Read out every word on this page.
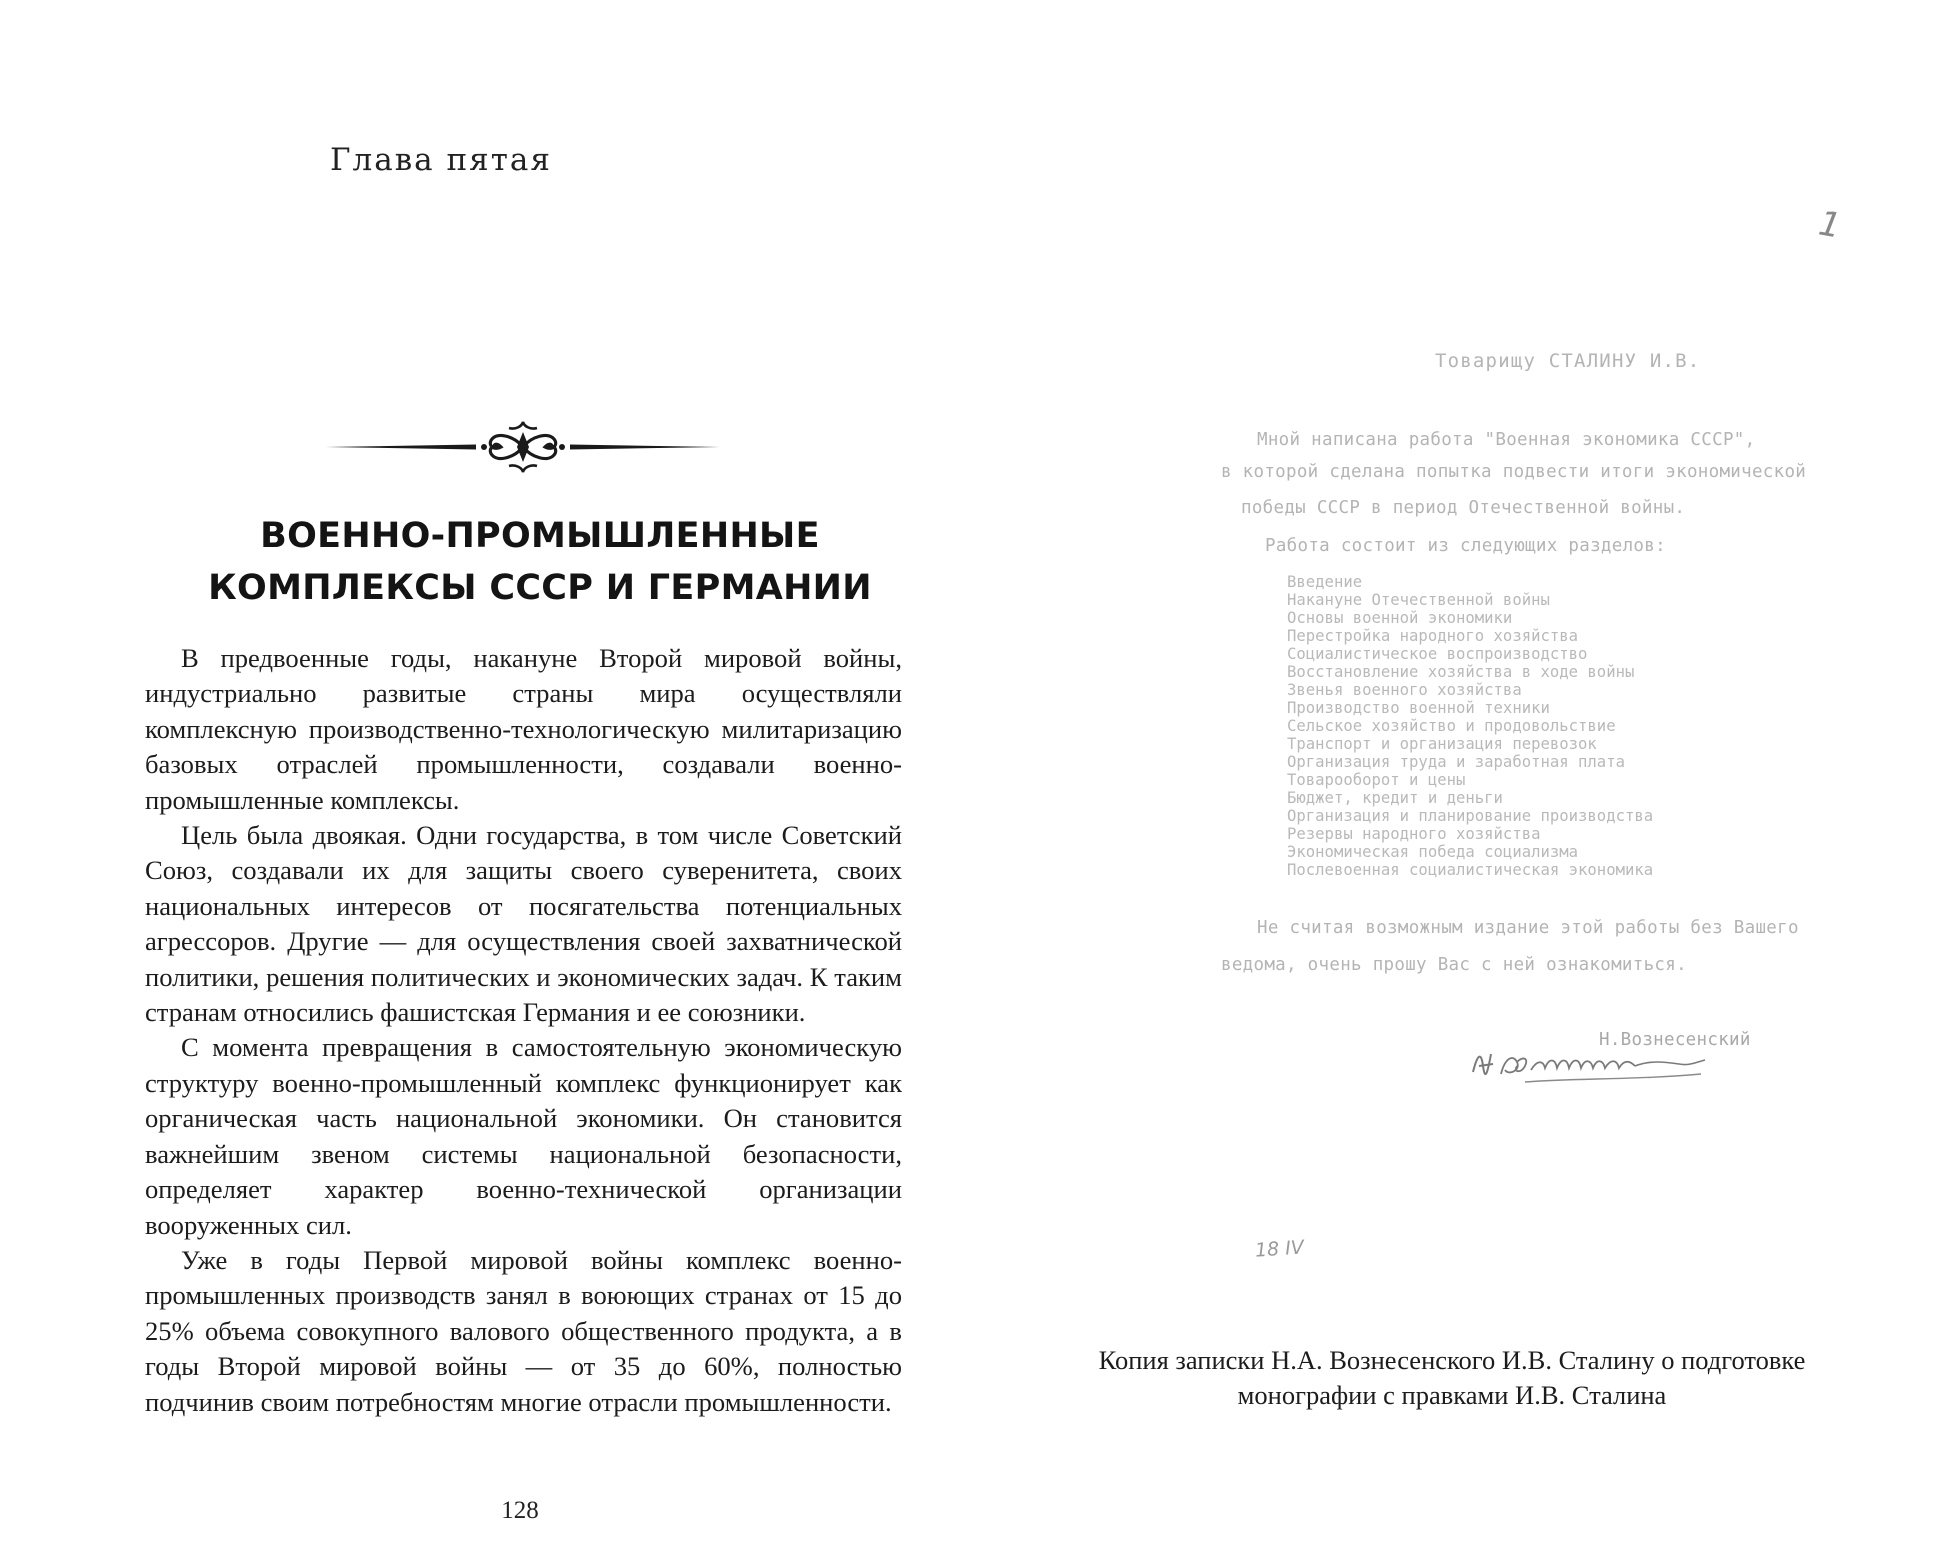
Глава пятая
ВОЕННО-ПРОМЫШЛЕННЫЕ
КОМПЛЕКСЫ СССР И ГЕРМАНИИ

В предвоенные годы, накануне Второй мировой войны, индустриально развитые страны мира осуществляли комплексную производственно-технологическую милитаризацию базовых отраслей промышленности, создавали военно-промышленные комплексы.

Цель была двоякая. Одни государства, в том числе Советский Союз, создавали их для защиты своего суверенитета, своих национальных интересов от посягательства потенциальных агрессоров. Другие — для осуществления своей захватнической политики, решения политических и экономических задач. К таким странам относились фашистская Германия и ее союзники.

С момента превращения в самостоятельную экономическую структуру военно-промышленный комплекс функционирует как органическая часть национальной экономики. Он становится важнейшим звеном системы национальной безопасности, определяет характер военно-технической организации вооруженных сил.

Уже в годы Первой мировой войны комплекс военно-промышленных производств занял в воюющих странах от 15 до 25% объема совокупного валового общественного продукта, а в годы Второй мировой войны — от 35 до 60%, полностью подчинив своим потребностям многие отрасли промышленности.

128
1
Товарищу СТАЛИНУ И.В.
Мной написана работа "Военная экономика СССР",
в которой сделана попытка подвести итоги экономической
победы СССР в период Отечественной войны.
Работа состоит из следующих разделов:
Введение
Накануне Отечественной войны
Основы военной экономики
Перестройка народного хозяйства
Социалистическое воспроизводство
Восстановление хозяйства в ходе войны
Звенья военного хозяйства
Производство военной техники
Сельское хозяйство и продовольствие
Транспорт и организация перевозок
Организация труда и заработная плата
Товарооборот и цены
Бюджет, кредит и деньги
Организация и планирование производства
Резервы народного хозяйства
Экономическая победа социализма
Послевоенная социалистическая экономика
Не считая возможным издание этой работы без Вашего
ведома, очень прошу Вас с ней ознакомиться.
Н.Вознесенский
18 IV
Копия записки Н.А. Вознесенского И.В. Сталину о подготовке
монографии с правками И.В. Сталина
